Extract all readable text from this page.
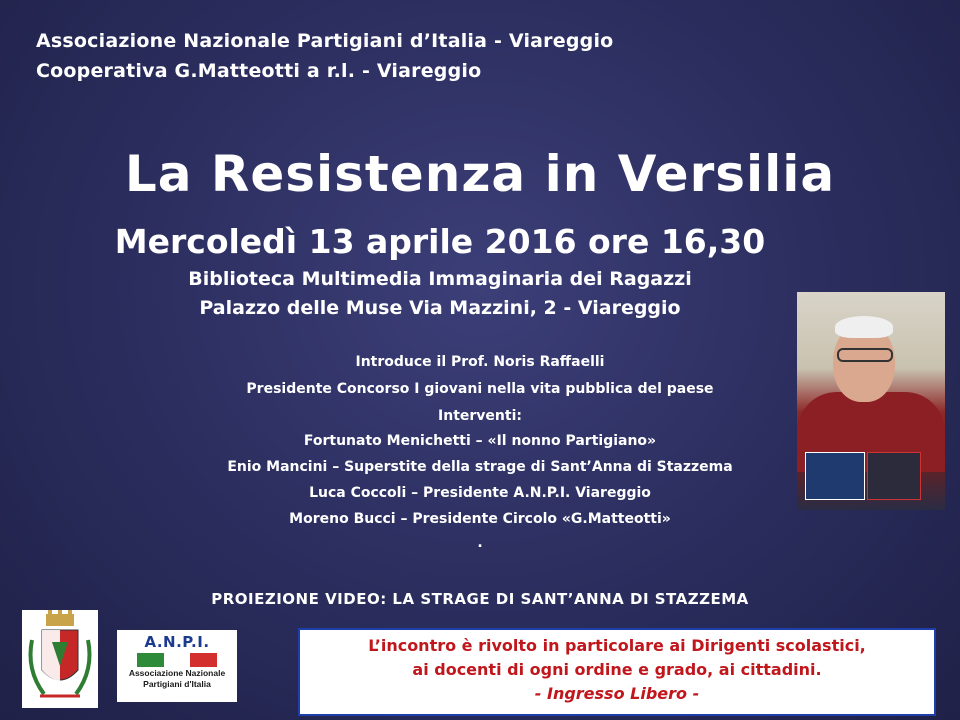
Associazione Nazionale Partigiani d’Italia - Viareggio
Cooperativa G.Matteotti a r.l. - Viareggio
La Resistenza in Versilia
Mercoledì 13 aprile 2016 ore 16,30
Biblioteca Multimedia Immaginaria dei Ragazzi
Palazzo delle Muse Via Mazzini, 2 - Viareggio
Introduce il Prof. Noris Raffaelli
Presidente Concorso I giovani nella vita pubblica del paese
Interventi:
Fortunato Menichetti – «Il nonno Partigiano»
Enio Mancini – Superstite della strage di Sant’Anna di Stazzema
Luca Coccoli – Presidente A.N.P.I. Viareggio
Moreno Bucci – Presidente Circolo «G.Matteotti»
.
PROIEZIONE VIDEO: LA STRAGE DI SANT’ANNA DI STAZZEMA
A.N.P.I.
Associazione Nazionale
Partigiani d'Italia
L’incontro è rivolto in particolare ai Dirigenti scolastici,
ai docenti di ogni ordine e grado, ai cittadini.
- Ingresso Libero -
